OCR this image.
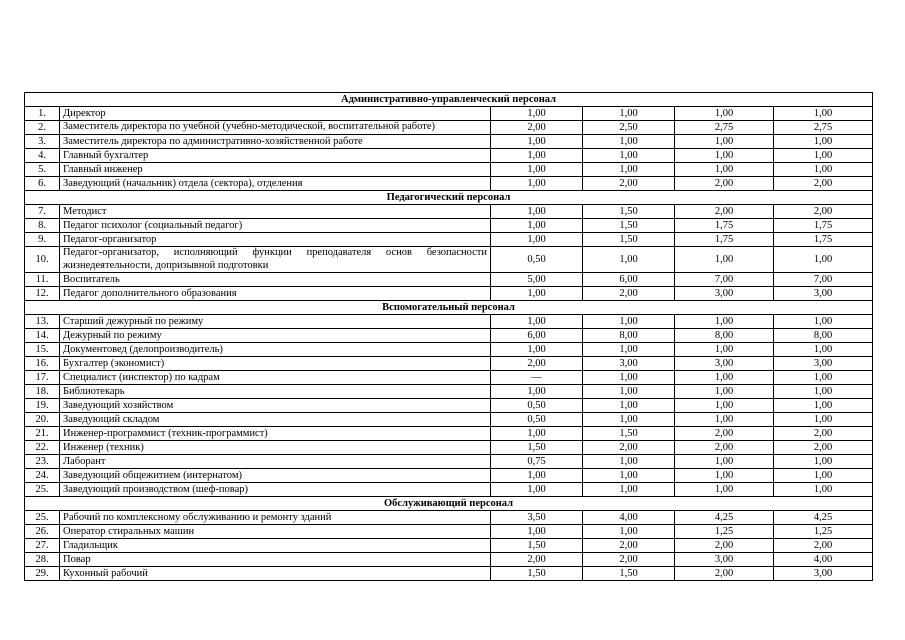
Административно-управленческий персонал					
1.	Директор	1,00	1,00	1,00	1,00
2.	Заместитель директора по учебной (учебно-методической, воспитательной работе)	2,00	2,50	2,75	2,75
3.	Заместитель директора по административно-хозяйственной работе	1,00	1,00	1,00	1,00
4.	Главный бухгалтер	1,00	1,00	1,00	1,00
5.	Главный инженер	1,00	1,00	1,00	1,00
6.	Заведующий (начальник) отдела (сектора), отделения	1,00	2,00	2,00	2,00
Педагогический персонал					
7.	Методист	1,00	1,50	2,00	2,00
8.	Педагог психолог (социальный педагог)	1,00	1,50	1,75	1,75
9.	Педагог-организатор	1,00	1,50	1,75	1,75
10.	Педагог-организатор, исполняющий функции преподавателя основ безопасности жизнедеятельности, допризывной подготовки	0,50	1,00	1,00	1,00
11.	Воспитатель	5,00	6,00	7,00	7,00
12.	Педагог дополнительного образования	1,00	2,00	3,00	3,00
Вспомогательный персонал					
13.	Старший дежурный по режиму	1,00	1,00	1,00	1,00
14.	Дежурный по режиму	6,00	8,00	8,00	8,00
15.	Документовед (делопроизводитель)	1,00	1,00	1,00	1,00
16.	Бухгалтер (экономист)	2,00	3,00	3,00	3,00
17.	Специалист (инспектор) по кадрам	—	1,00	1,00	1,00
18.	Библиотекарь	1,00	1,00	1,00	1,00
19.	Заведующий хозяйством	0,50	1,00	1,00	1,00
20.	Заведующий складом	0,50	1,00	1,00	1,00
21.	Инженер-программист (техник-программист)	1,00	1,50	2,00	2,00
22.	Инженер (техник)	1,50	2,00	2,00	2,00
23.	Лаборант	0,75	1,00	1,00	1,00
24.	Заведующий общежитием (интернатом)	1,00	1,00	1,00	1,00
25.	Заведующий производством (шеф-повар)	1,00	1,00	1,00	1,00
Обслуживающий персонал					
25.	Рабочий по комплексному обслуживанию и ремонту зданий	3,50	4,00	4,25	4,25
26.	Оператор стиральных машин	1,00	1,00	1,25	1,25
27.	Гладильщик	1,50	2,00	2,00	2,00
28.	Повар	2,00	2,00	3,00	4,00
29.	Кухонный рабочий	1,50	1,50	2,00	3,00
